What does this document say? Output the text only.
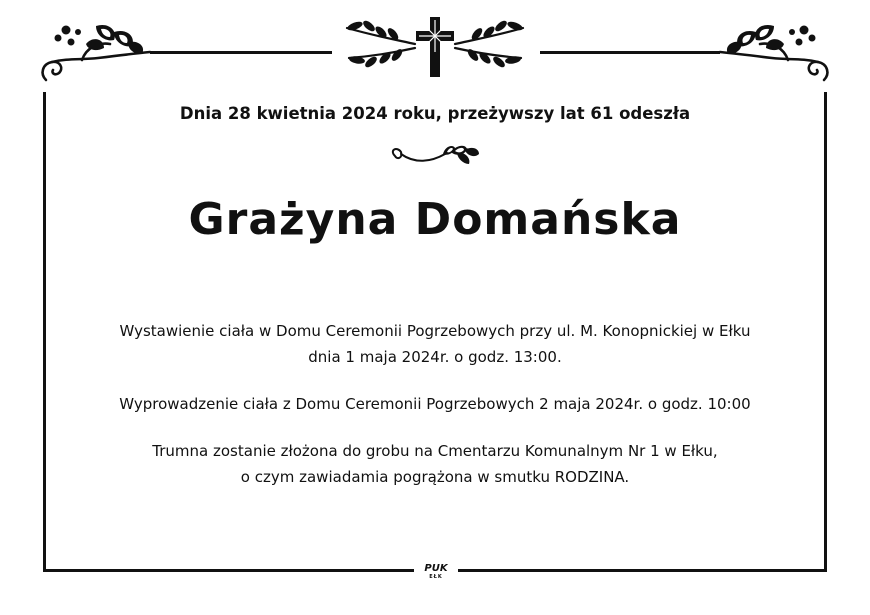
Dnia 28 kwietnia 2024 roku, przeżywszy lat 61 odeszła
Grażyna Domańska
Wystawienie ciała w Domu Ceremonii Pogrzebowych przy ul. M. Konopnickiej w Ełku
dnia 1 maja 2024r. o godz. 13:00.
Wyprowadzenie ciała z Domu Ceremonii Pogrzebowych 2 maja 2024r. o godz. 10:00
Trumna zostanie złożona do grobu na Cmentarzu Komunalnym Nr 1 w Ełku,
o czym zawiadamia pogrążona w smutku RODZINA.
PUK
EŁK
